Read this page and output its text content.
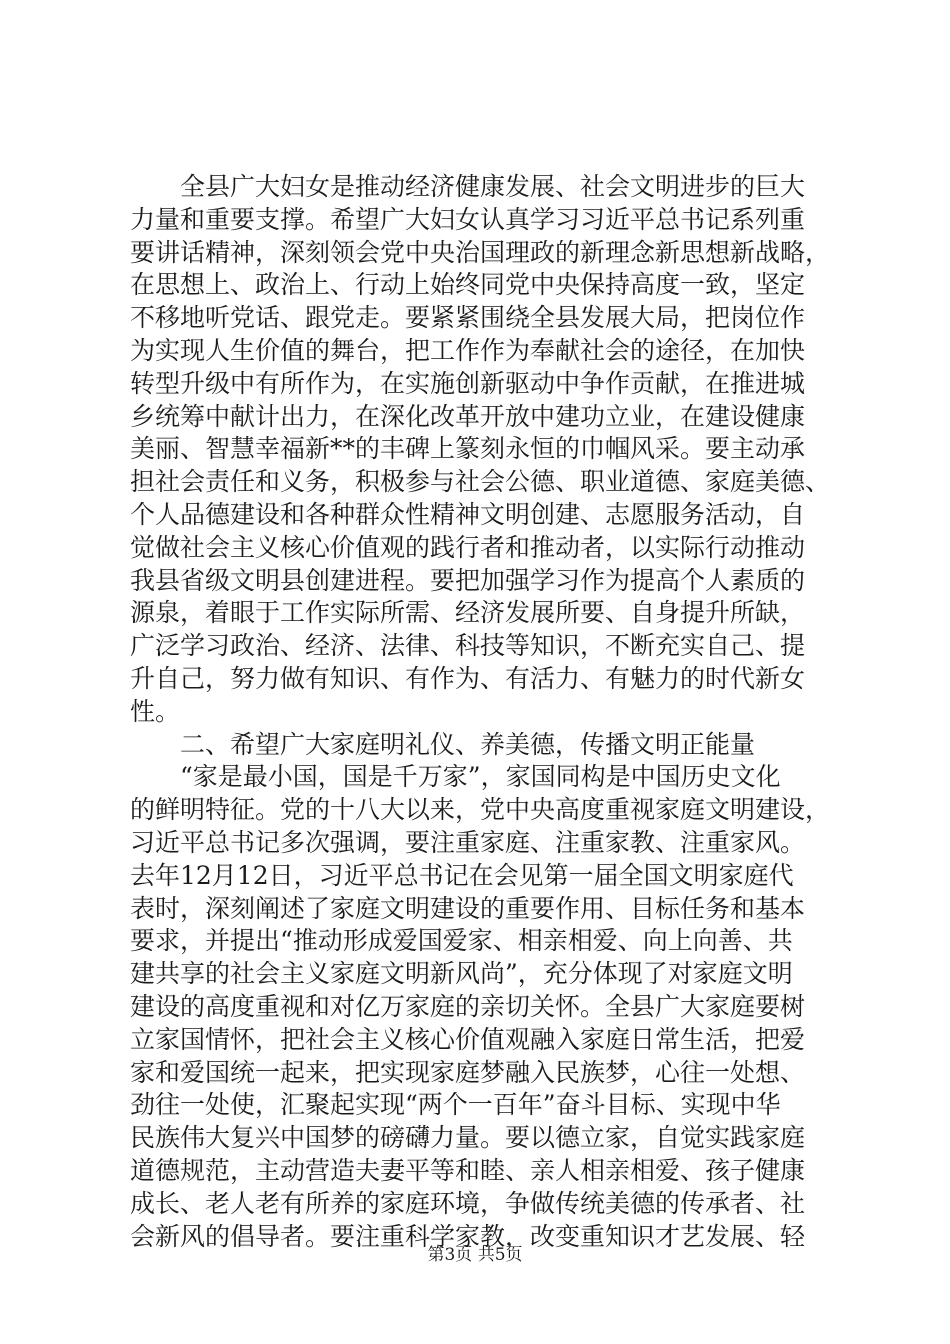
　　全县广大妇女是推动经济健康发展、社会文明进步的巨大
力量和重要支撑。希望广大妇女认真学习习近平总书记系列重
要讲话精神，深刻领会党中央治国理政的新理念新思想新战略，
在思想上、政治上、行动上始终同党中央保持高度一致，坚定
不移地听党话、跟党走。要紧紧围绕全县发展大局，把岗位作
为实现人生价值的舞台，把工作作为奉献社会的途径，在加快
转型升级中有所作为，在实施创新驱动中争作贡献，在推进城
乡统筹中献计出力，在深化改革开放中建功立业，在建设健康
美丽、智慧幸福新**的丰碑上篆刻永恒的巾帼风采。要主动承
担社会责任和义务，积极参与社会公德、职业道德、家庭美德、
个人品德建设和各种群众性精神文明创建、志愿服务活动，自
觉做社会主义核心价值观的践行者和推动者，以实际行动推动
我县省级文明县创建进程。要把加强学习作为提高个人素质的
源泉，着眼于工作实际所需、经济发展所要、自身提升所缺，
广泛学习政治、经济、法律、科技等知识，不断充实自己、提
升自己，努力做有知识、有作为、有活力、有魅力的时代新女
性。
　　二、希望广大家庭明礼仪、养美德，传播文明正能量
　　“家是最小国，国是千万家”，家国同构是中国历史文化
的鲜明特征。党的十八大以来，党中央高度重视家庭文明建设，
习近平总书记多次强调，要注重家庭、注重家教、注重家风。
去年12月12日，习近平总书记在会见第一届全国文明家庭代
表时，深刻阐述了家庭文明建设的重要作用、目标任务和基本
要求，并提出“推动形成爱国爱家、相亲相爱、向上向善、共
建共享的社会主义家庭文明新风尚”，充分体现了对家庭文明
建设的高度重视和对亿万家庭的亲切关怀。全县广大家庭要树
立家国情怀，把社会主义核心价值观融入家庭日常生活，把爱
家和爱国统一起来，把实现家庭梦融入民族梦，心往一处想、
劲往一处使，汇聚起实现“两个一百年”奋斗目标、实现中华
民族伟大复兴中国梦的磅礴力量。要以德立家，自觉实践家庭
道德规范，主动营造夫妻平等和睦、亲人相亲相爱、孩子健康
成长、老人老有所养的家庭环境，争做传统美德的传承者、社
会新风的倡导者。要注重科学家教，改变重知识才艺发展、轻
第3页 共5页
